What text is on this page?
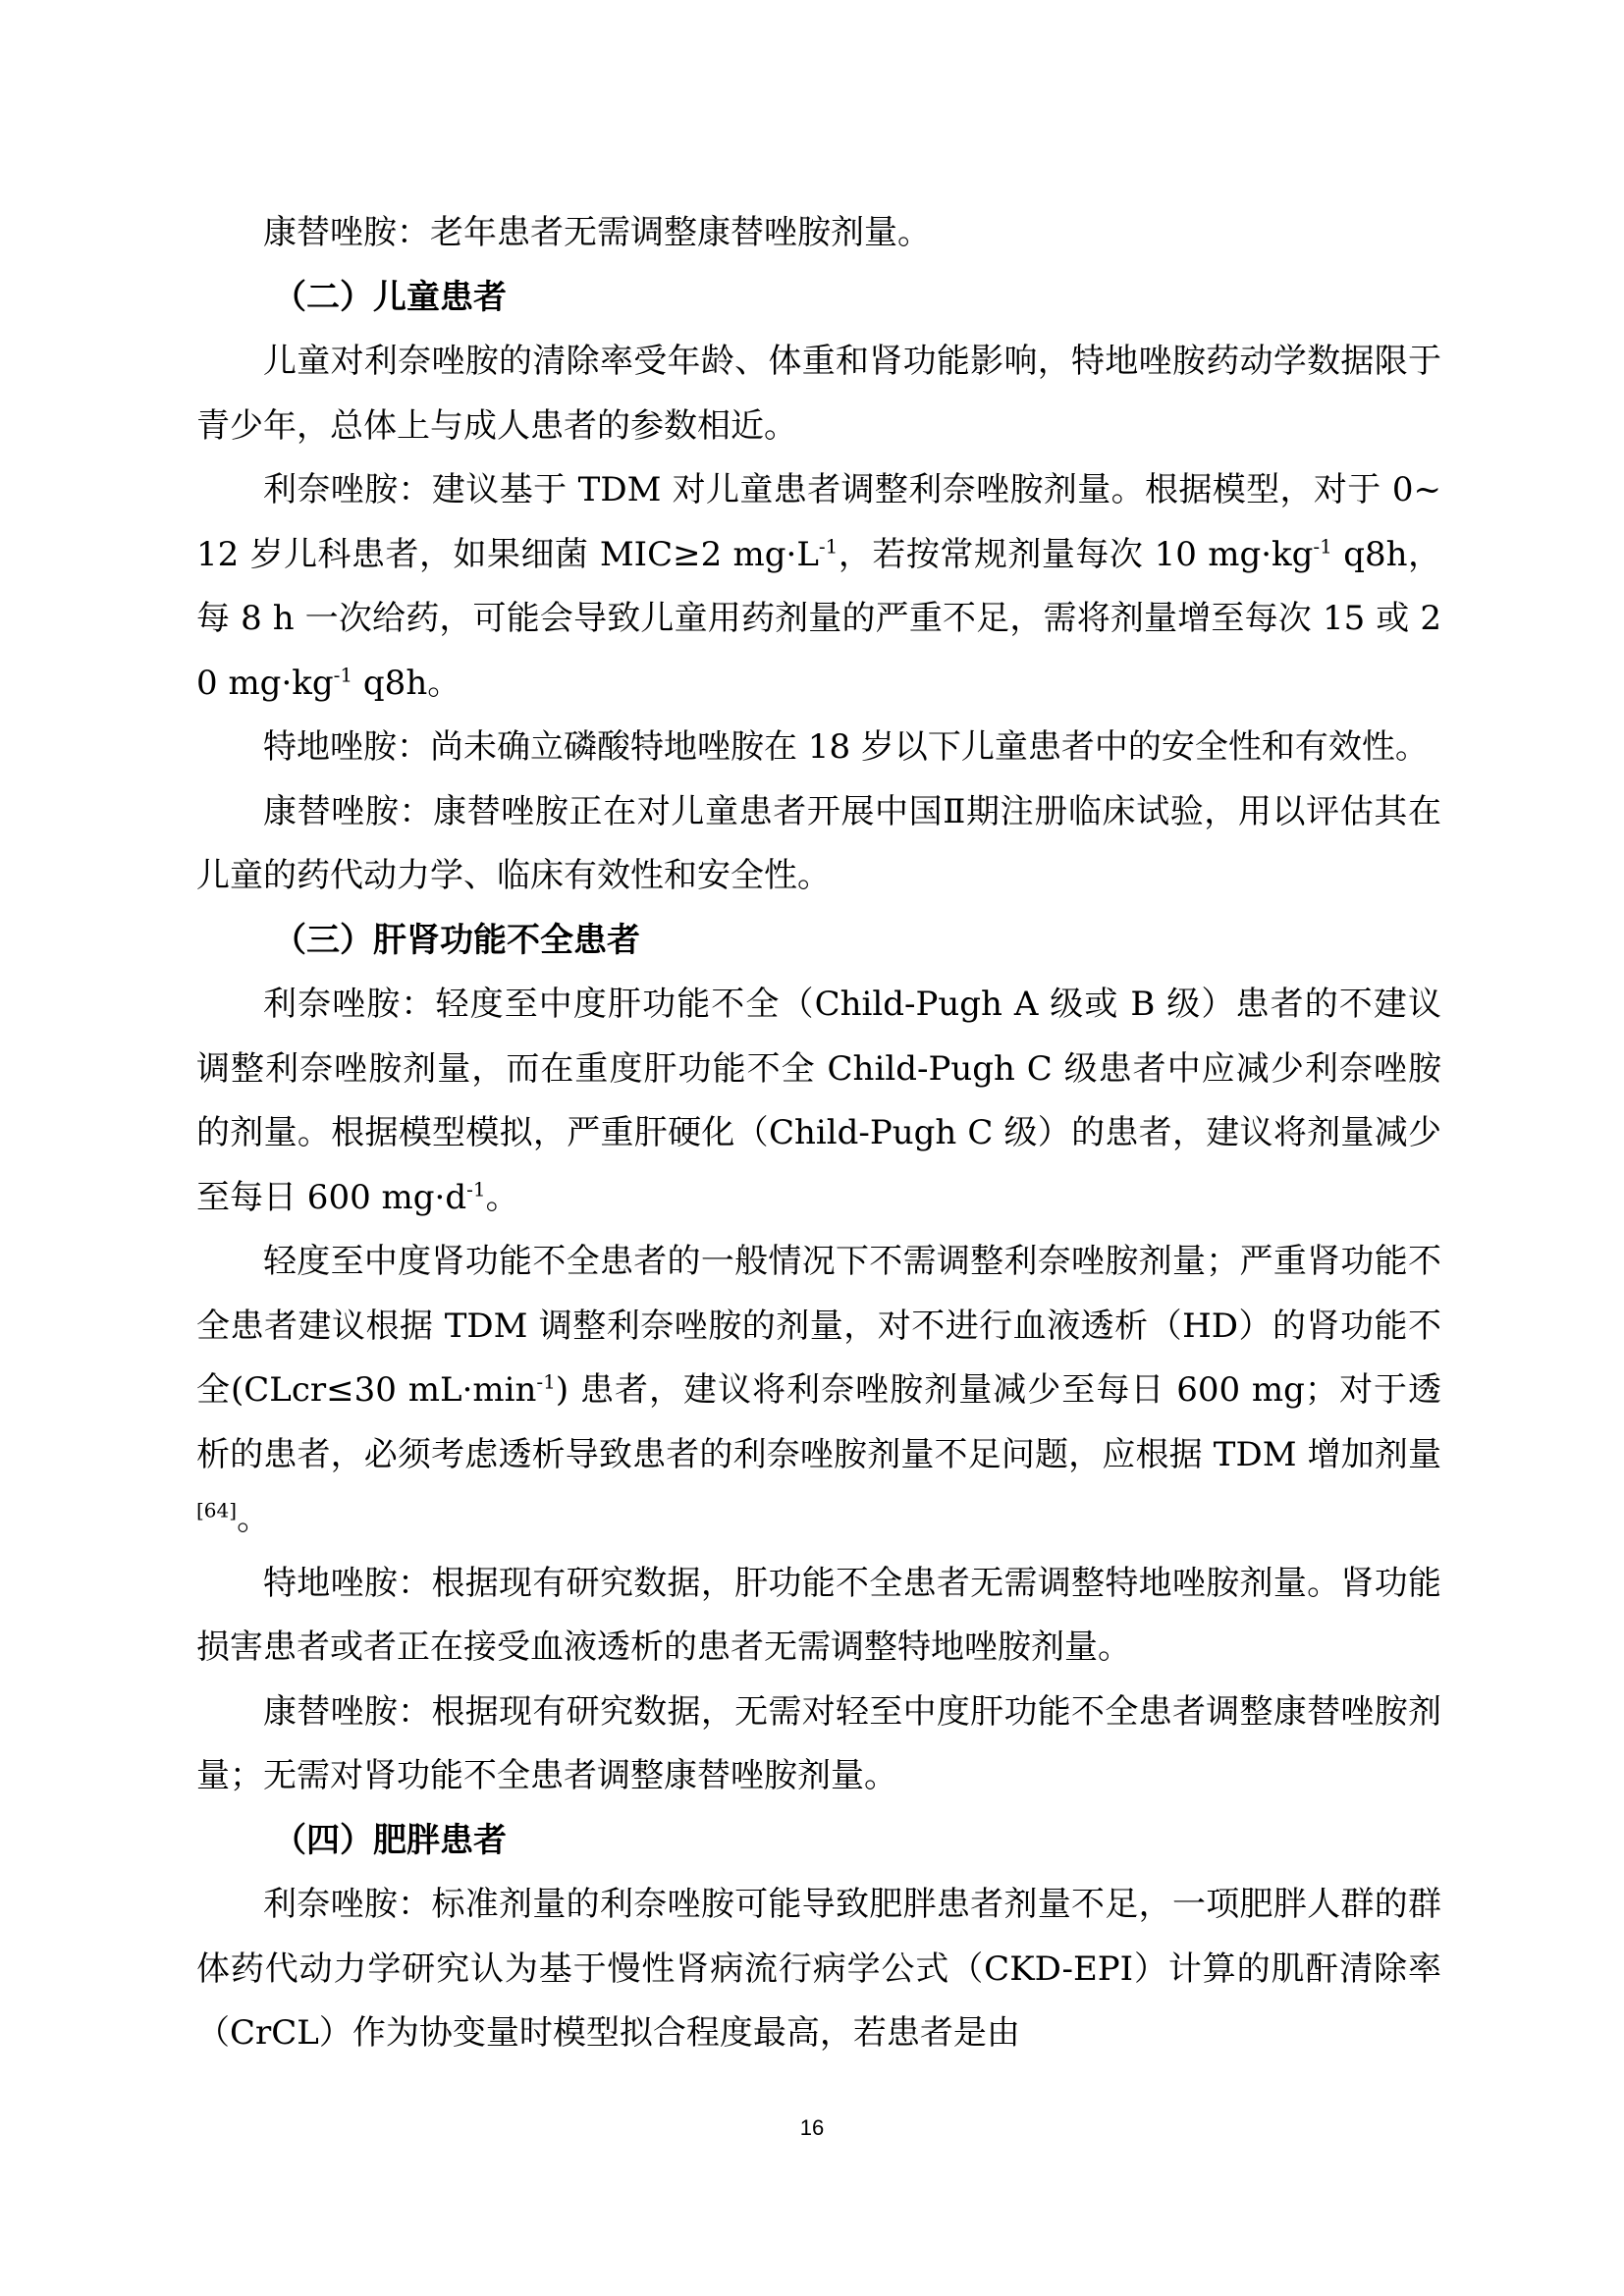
康替唑胺：老年患者无需调整康替唑胺剂量。
（二）儿童患者
儿童对利奈唑胺的清除率受年龄、体重和肾功能影响，特地唑胺药动学数据限于青少年，总体上与成人患者的参数相近。
利奈唑胺：建议基于 TDM 对儿童患者调整利奈唑胺剂量。根据模型，对于 0~12 岁儿科患者，如果细菌 MIC≥2 $mg\cdot L^{-1}$，若按常规剂量每次 10 $mg\cdot kg^{-1}$ q8h，每 8 h 一次给药，可能会导致儿童用药剂量的严重不足，需将剂量增至每次 15 或 20 $mg\cdot kg^{-1}$ q8h。
特地唑胺：尚未确立磷酸特地唑胺在 18 岁以下儿童患者中的安全性和有效性。
康替唑胺：康替唑胺正在对儿童患者开展中国Ⅱ期注册临床试验，用以评估其在儿童的药代动力学、临床有效性和安全性。
（三）肝肾功能不全患者
利奈唑胺：轻度至中度肝功能不全（Child-Pugh A 级或 B 级）患者的不建议调整利奈唑胺剂量，而在重度肝功能不全 Child-Pugh C 级患者中应减少利奈唑胺的剂量。根据模型模拟，严重肝硬化（Child-Pugh C 级）的患者，建议将剂量减少至每日 600 $mg\cdot d^{-1}$。
轻度至中度肾功能不全患者的一般情况下不需调整利奈唑胺剂量；严重肾功能不全患者建议根据 TDM 调整利奈唑胺的剂量，对不进行血液透析（HD）的肾功能不全(CLcr≤30 $mL\cdot\min^{-1}$) 患者，建议将利奈唑胺剂量减少至每日 600 mg；对于透析的患者，必须考虑透析导致患者的利奈唑胺剂量不足问题，应根据 TDM 增加剂量[64]。
特地唑胺：根据现有研究数据，肝功能不全患者无需调整特地唑胺剂量。肾功能损害患者或者正在接受血液透析的患者无需调整特地唑胺剂量。
康替唑胺：根据现有研究数据，无需对轻至中度肝功能不全患者调整康替唑胺剂量；无需对肾功能不全患者调整康替唑胺剂量。
（四）肥胖患者
利奈唑胺：标准剂量的利奈唑胺可能导致肥胖患者剂量不足，一项肥胖人群的群体药代动力学研究认为基于慢性肾病流行病学公式（CKD-EPI）计算的肌酐清除率（CrCL）作为协变量时模型拟合程度最高，若患者是由
16
